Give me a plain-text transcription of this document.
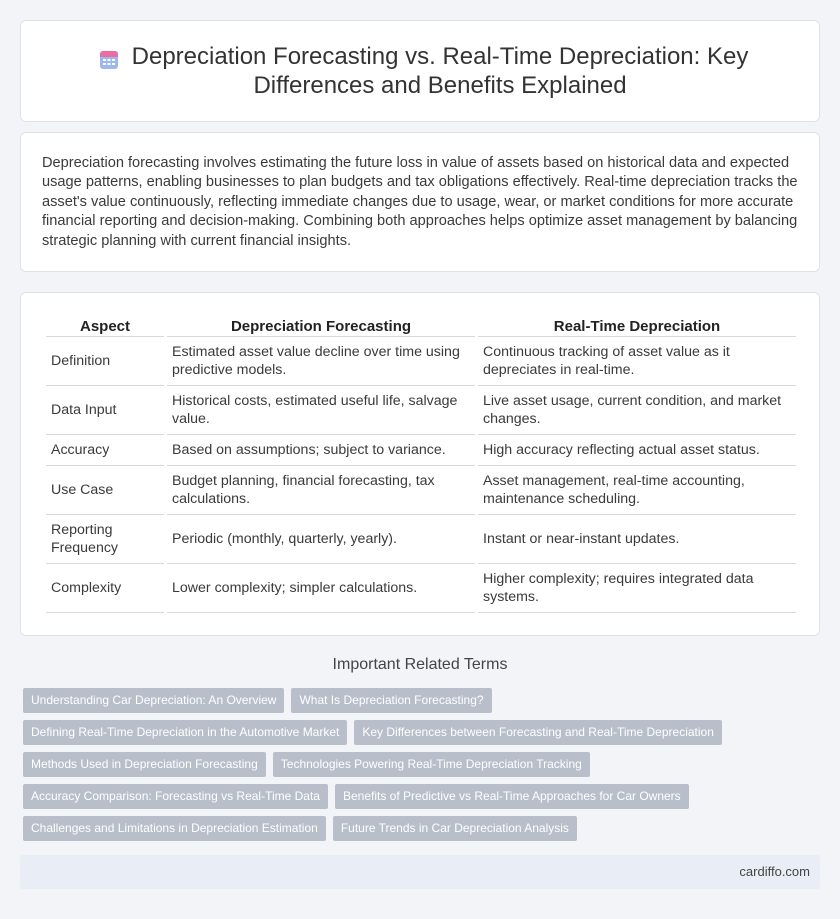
Depreciation Forecasting vs. Real-Time Depreciation: Key Differences and Benefits Explained

Depreciation forecasting involves estimating the future loss in value of assets based on historical data and expected usage patterns, enabling businesses to plan budgets and tax obligations effectively. Real-time depreciation tracks the asset's value continuously, reflecting immediate changes due to usage, wear, or market conditions for more accurate financial reporting and decision-making. Combining both approaches helps optimize asset management by balancing strategic planning with current financial insights.

Aspect	Depreciation Forecasting	Real-Time Depreciation
Definition	Estimated asset value decline over time using predictive models.	Continuous tracking of asset value as it depreciates in real-time.
Data Input	Historical costs, estimated useful life, salvage value.	Live asset usage, current condition, and market changes.
Accuracy	Based on assumptions; subject to variance.	High accuracy reflecting actual asset status.
Use Case	Budget planning, financial forecasting, tax calculations.	Asset management, real-time accounting, maintenance scheduling.
Reporting Frequency	Periodic (monthly, quarterly, yearly).	Instant or near-instant updates.
Complexity	Lower complexity; simpler calculations.	Higher complexity; requires integrated data systems.
Important Related Terms
Understanding Car Depreciation: An Overview	What Is Depreciation Forecasting?
Defining Real-Time Depreciation in the Automotive Market	Key Differences between Forecasting and Real-Time Depreciation
Methods Used in Depreciation Forecasting	Technologies Powering Real-Time Depreciation Tracking
Accuracy Comparison: Forecasting vs Real-Time Data	Benefits of Predictive vs Real-Time Approaches for Car Owners
Challenges and Limitations in Depreciation Estimation	Future Trends in Car Depreciation Analysis
cardiffo.com
